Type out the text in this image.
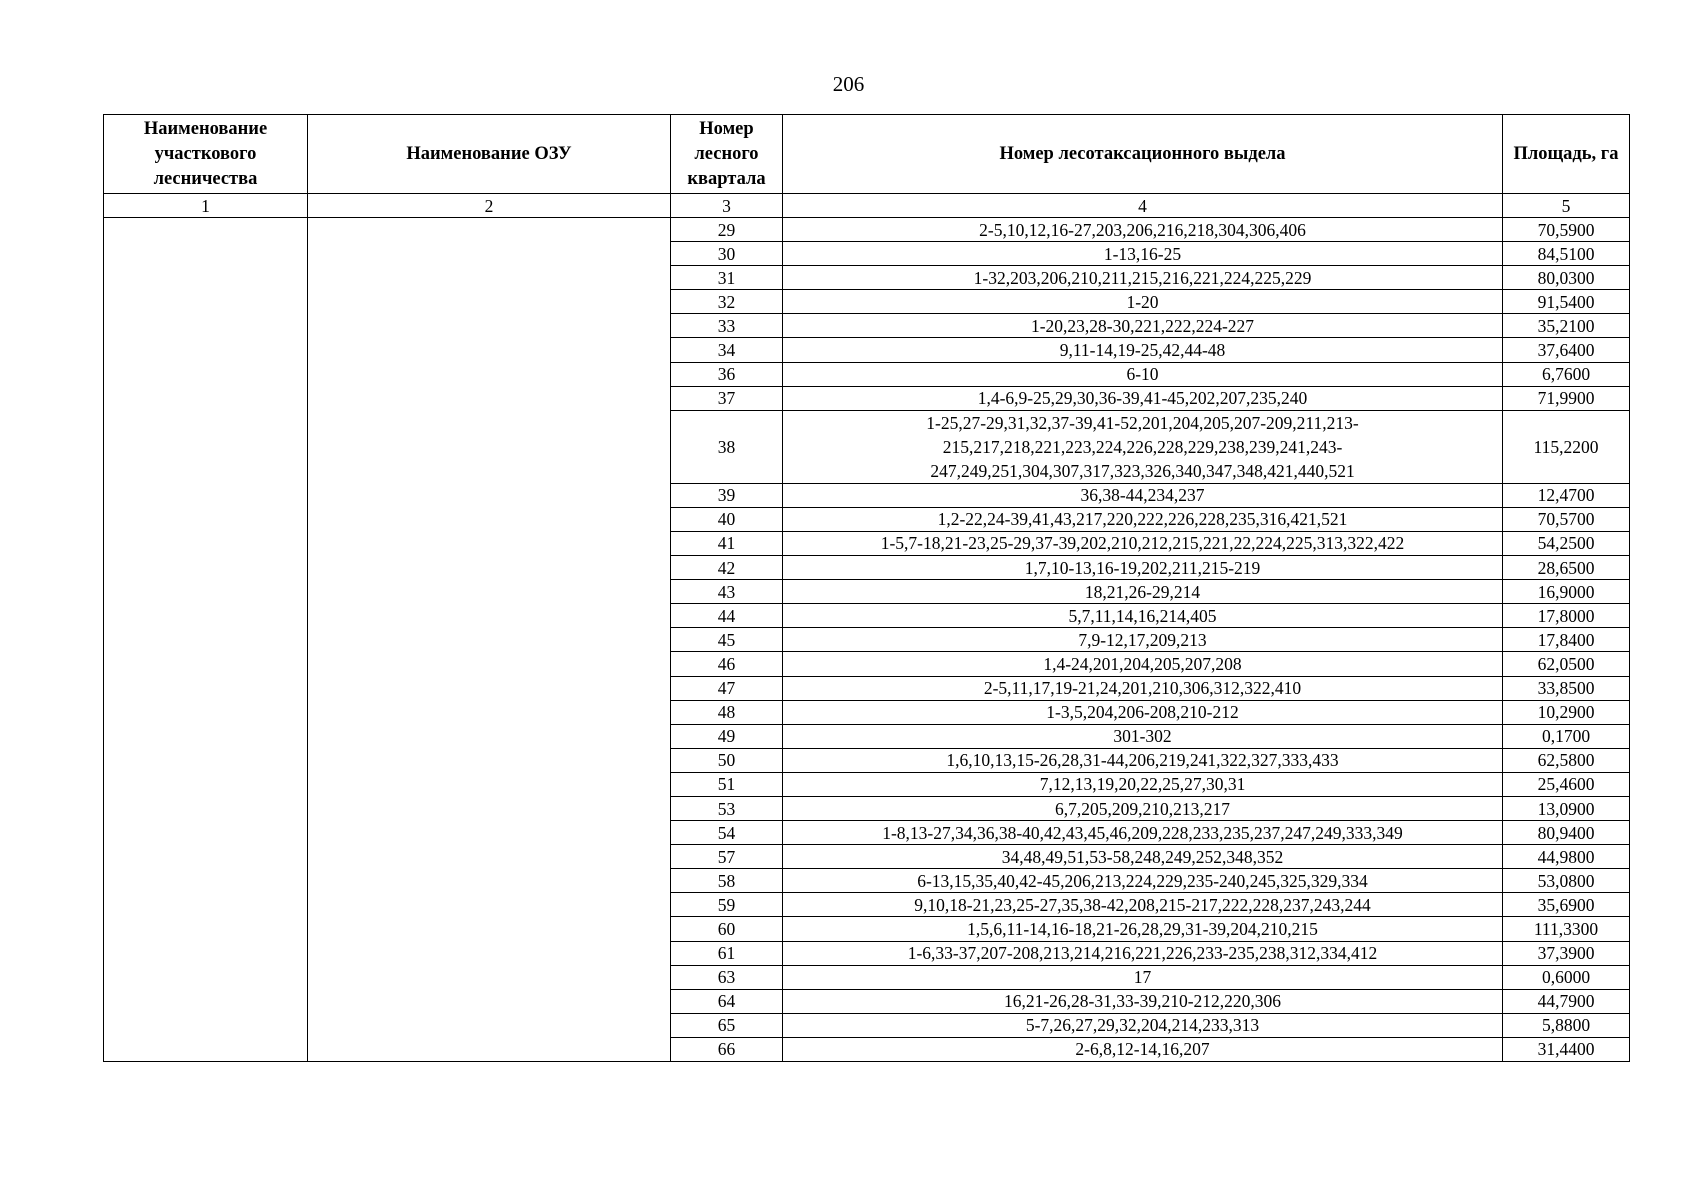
206
Наименование участкового лесничества	Наименование ОЗУ	Номер лесного квартала	Номер лесотаксационного выдела	Площадь, га
1	2	3	4	5
		29	2-5,10,12,16-27,203,206,216,218,304,306,406	70,5900
		30	1-13,16-25	84,5100
		31	1-32,203,206,210,211,215,216,221,224,225,229	80,0300
		32	1-20	91,5400
		33	1-20,23,28-30,221,222,224-227	35,2100
		34	9,11-14,19-25,42,44-48	37,6400
		36	6-10	6,7600
		37	1,4-6,9-25,29,30,36-39,41-45,202,207,235,240	71,9900
		38	1-25,27-29,31,32,37-39,41-52,201,204,205,207-209,211,213-215,217,218,221,223,224,226,228,229,238,239,241,243-247,249,251,304,307,317,323,326,340,347,348,421,440,521	115,2200
		39	36,38-44,234,237	12,4700
		40	1,2-22,24-39,41,43,217,220,222,226,228,235,316,421,521	70,5700
		41	1-5,7-18,21-23,25-29,37-39,202,210,212,215,221,22,224,225,313,322,422	54,2500
		42	1,7,10-13,16-19,202,211,215-219	28,6500
		43	18,21,26-29,214	16,9000
		44	5,7,11,14,16,214,405	17,8000
		45	7,9-12,17,209,213	17,8400
		46	1,4-24,201,204,205,207,208	62,0500
		47	2-5,11,17,19-21,24,201,210,306,312,322,410	33,8500
		48	1-3,5,204,206-208,210-212	10,2900
		49	301-302	0,1700
		50	1,6,10,13,15-26,28,31-44,206,219,241,322,327,333,433	62,5800
		51	7,12,13,19,20,22,25,27,30,31	25,4600
		53	6,7,205,209,210,213,217	13,0900
		54	1-8,13-27,34,36,38-40,42,43,45,46,209,228,233,235,237,247,249,333,349	80,9400
		57	34,48,49,51,53-58,248,249,252,348,352	44,9800
		58	6-13,15,35,40,42-45,206,213,224,229,235-240,245,325,329,334	53,0800
		59	9,10,18-21,23,25-27,35,38-42,208,215-217,222,228,237,243,244	35,6900
		60	1,5,6,11-14,16-18,21-26,28,29,31-39,204,210,215	111,3300
		61	1-6,33-37,207-208,213,214,216,221,226,233-235,238,312,334,412	37,3900
		63	17	0,6000
		64	16,21-26,28-31,33-39,210-212,220,306	44,7900
		65	5-7,26,27,29,32,204,214,233,313	5,8800
		66	2-6,8,12-14,16,207	31,4400
